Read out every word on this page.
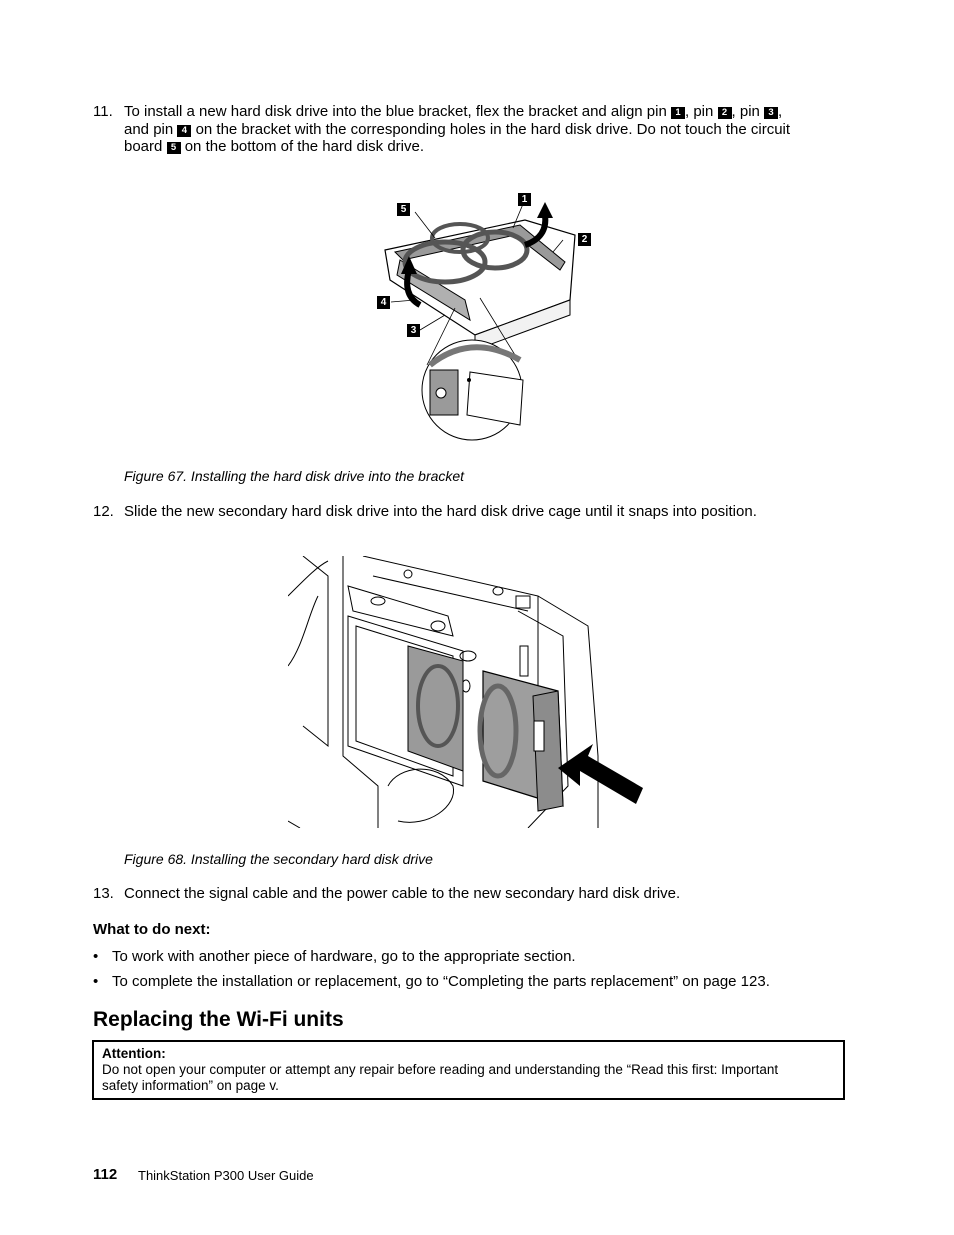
11. To install a new hard disk drive into the blue bracket, flex the bracket and align pin 1 , pin 2 , pin 3 ,
and pin 4 on the bracket with the corresponding holes in the hard disk drive. Do not touch the circuit
board 5 on the bottom of the hard disk drive.
5
1
2
4
3
Figure 67. Installing the hard disk drive into the bracket
12. Slide the new secondary hard disk drive into the hard disk drive cage until it snaps into position.
Figure 68. Installing the secondary hard disk drive
13. Connect the signal cable and the power cable to the new secondary hard disk drive.
What to do next:
• To work with another piece of hardware, go to the appropriate section.
• To complete the installation or replacement, go to “Completing the parts replacement” on page 123.
Replacing the Wi-Fi units
Attention:
Do not open your computer or attempt any repair before reading and understanding the “Read this first: Important
safety information” on page v.
112 ThinkStation P300 User Guide
